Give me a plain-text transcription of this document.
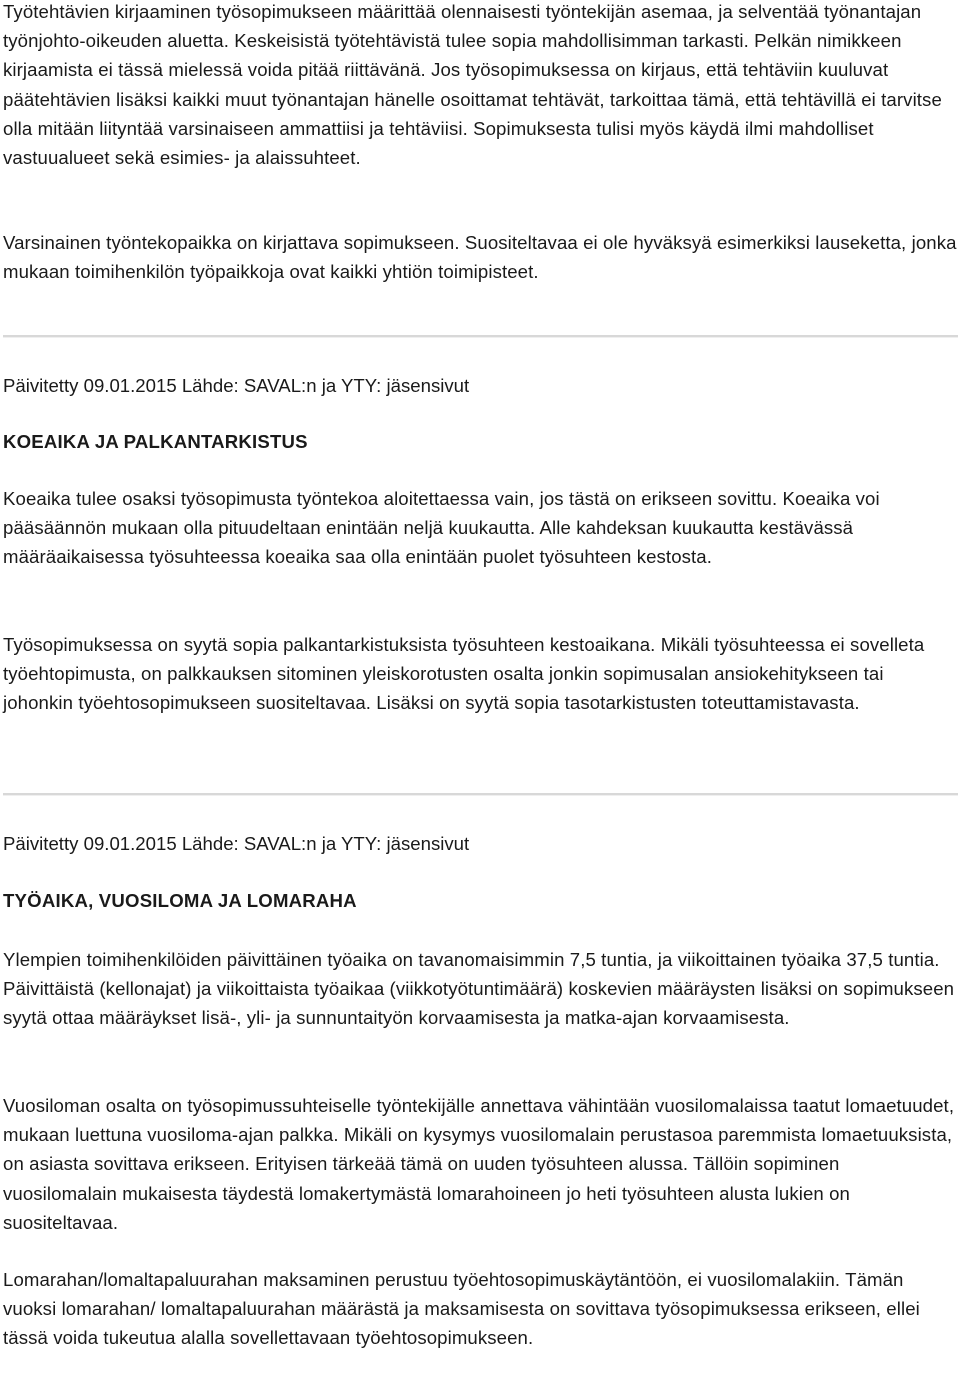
Työtehtävien kirjaaminen työsopimukseen määrittää olennaisesti työntekijän asemaa, ja selventää työnantajan työnjohto-oikeuden aluetta. Keskeisistä työtehtävistä tulee sopia mahdollisimman tarkasti. Pelkän nimikkeen kirjaamista ei tässä mielessä voida pitää riittävänä. Jos työsopimuksessa on kirjaus, että tehtäviin kuuluvat päätehtävien lisäksi kaikki muut työnantajan hänelle osoittamat tehtävät, tarkoittaa tämä, että tehtävillä ei tarvitse olla mitään liityntää varsinaiseen ammattiisi ja tehtäviisi. Sopimuksesta tulisi myös käydä ilmi mahdolliset vastuualueet sekä esimies- ja alaissuhteet.

Varsinainen työntekopaikka on kirjattava sopimukseen. Suositeltavaa ei ole hyväksyä esimerkiksi lauseketta, jonka mukaan toimihenkilön työpaikkoja ovat kaikki yhtiön toimipisteet.

Päivitetty 09.01.2015 Lähde: SAVAL:n ja YTY: jäsensivut

KOEAIKA JA PALKANTARKISTUS

Koeaika tulee osaksi työsopimusta työntekoa aloitettaessa vain, jos tästä on erikseen sovittu. Koeaika voi pääsäännön mukaan olla pituudeltaan enintään neljä kuukautta. Alle kahdeksan kuukautta kestävässä määräaikaisessa työsuhteessa koeaika saa olla enintään puolet työsuhteen kestosta.

Työsopimuksessa on syytä sopia palkantarkistuksista työsuhteen kestoaikana. Mikäli työsuhteessa ei sovelleta työehtopimusta, on palkkauksen sitominen yleiskorotusten osalta jonkin sopimusalan ansiokehitykseen tai johonkin työehtosopimukseen suositeltavaa. Lisäksi on syytä sopia tasotarkistusten toteuttamistavasta.

Päivitetty 09.01.2015 Lähde: SAVAL:n ja YTY: jäsensivut

TYÖAIKA, VUOSILOMA JA LOMARAHA

Ylempien toimihenkilöiden päivittäinen työaika on tavanomaisimmin 7,5 tuntia, ja viikoittainen työaika 37,5 tuntia. Päivittäistä (kellonajat) ja viikoittaista työaikaa (viikkotyötuntimäärä) koskevien määräysten lisäksi on sopimukseen syytä ottaa määräykset lisä-, yli- ja sunnuntaityön korvaamisesta ja matka-ajan korvaamisesta.

Vuosiloman osalta on työsopimussuhteiselle työntekijälle annettava vähintään vuosilomalaissa taatut lomaetuudet, mukaan luettuna vuosiloma-ajan palkka. Mikäli on kysymys vuosilomalain perustasoa paremmista lomaetuuksista, on asiasta sovittava erikseen. Erityisen tärkeää tämä on uuden työsuhteen alussa. Tällöin sopiminen vuosilomalain mukaisesta täydestä lomakertymästä lomarahoineen jo heti työsuhteen alusta lukien on suositeltavaa.

Lomarahan/lomaltapaluurahan maksaminen perustuu työehtosopimuskäytäntöön, ei vuosilomalakiin. Tämän vuoksi lomarahan/ lomaltapaluurahan määrästä ja maksamisesta on sovittava työsopimuksessa erikseen, ellei tässä voida tukeutua alalla sovellettavaan työehtosopimukseen.
